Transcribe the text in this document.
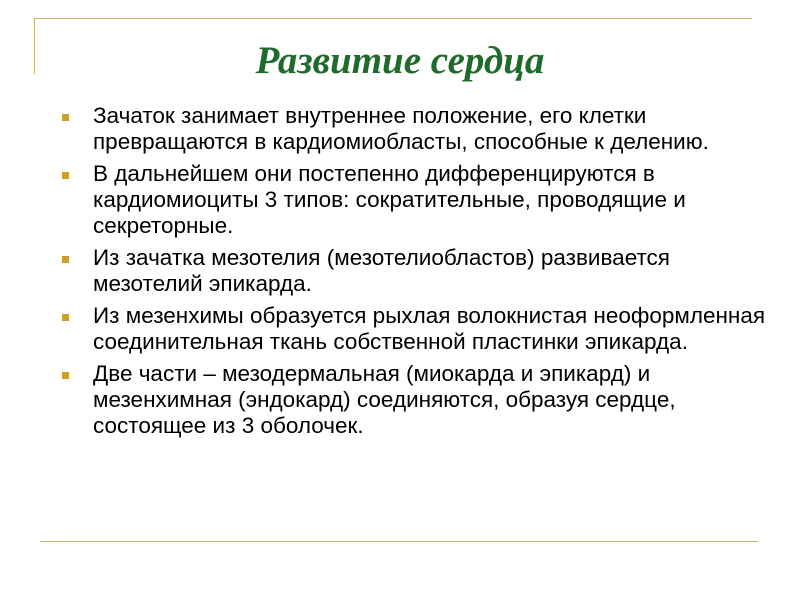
Развитие сердца
Зачаток занимает внутреннее положение, его клетки превращаются в кардиомиобласты, способные к делению.
В дальнейшем они постепенно дифференцируются в кардиомиоциты 3 типов: сократительные, проводящие и секреторные.
Из зачатка мезотелия (мезотелиобластов) развивается мезотелий эпикарда.
Из мезенхимы образуется рыхлая волокнистая неоформленная соединительная ткань собственной пластинки эпикарда.
Две части – мезодермальная (миокарда и эпикард) и мезенхимная (эндокард) соединяются, образуя сердце, состоящее из 3 оболочек.
